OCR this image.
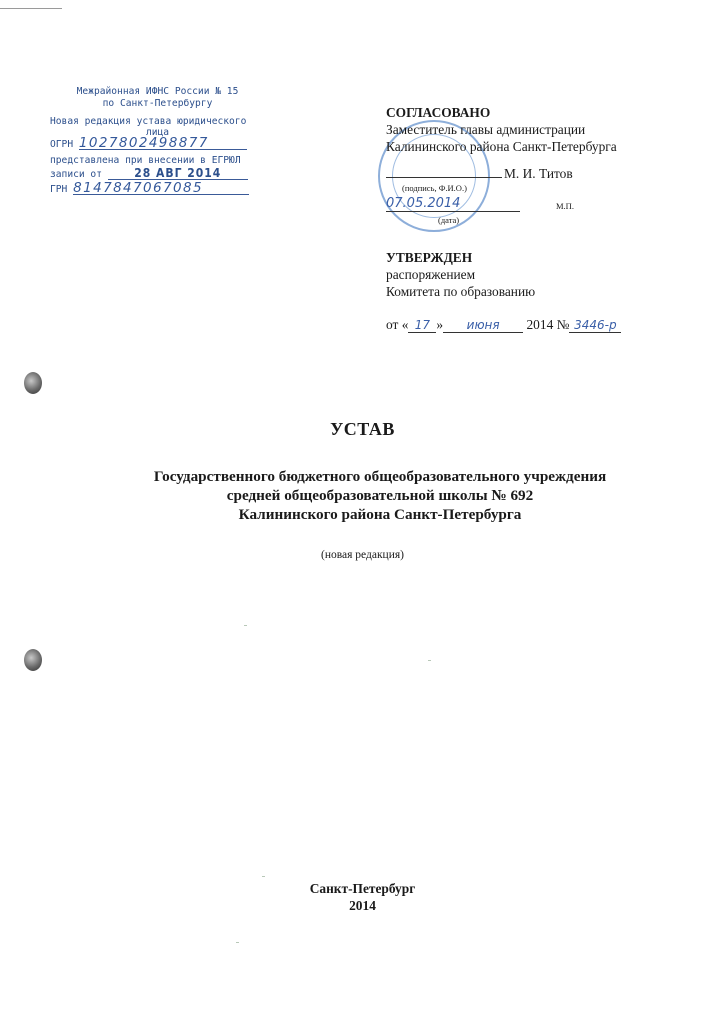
Межрайонная ИФНС России № 15
по Санкт-Петербургу
Новая редакция устава юридического
лица
ОГРН 1027802498877
представлена при внесении в ЕГРЮЛ
записи от	28 АВГ 2014
ГРН 8147847067085
СОГЛАСОВАНО
Заместитель главы администрации
Калининского района Санкт-Петербурга
М. И. Титов
(подпись, Ф.И.О.)
07.05.2014	М.П.
(дата)
УТВЕРЖДЕН
распоряжением
Комитета по образованию
от « 17 » июня 2014 № 3446-р
УСТАВ
Государственного бюджетного общеобразовательного учреждения
средней общеобразовательной школы № 692
Калининского района Санкт-Петербурга
(новая редакция)
Санкт-Петербург
2014
